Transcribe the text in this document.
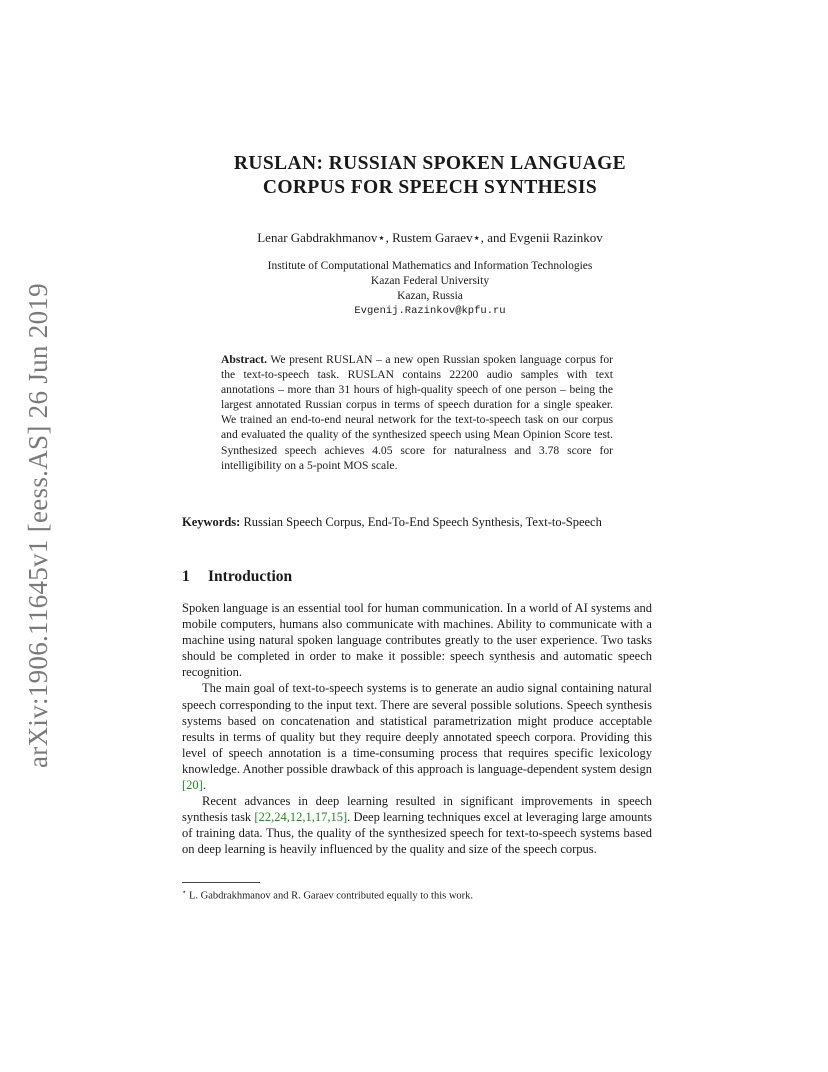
arXiv:1906.11645v1 [eess.AS] 26 Jun 2019
RUSLAN: RUSSIAN SPOKEN LANGUAGE
CORPUS FOR SPEECH SYNTHESIS
Lenar Gabdrakhmanov⋆, Rustem Garaev⋆, and Evgenii Razinkov
Institute of Computational Mathematics and Information Technologies
Kazan Federal University
Kazan, Russia
Evgenij.Razinkov@kpfu.ru
Abstract. We present RUSLAN – a new open Russian spoken language corpus for the text-to-speech task. RUSLAN contains 22200 audio samples with text annotations – more than 31 hours of high-quality speech of one person – being the largest annotated Russian corpus in terms of speech duration for a single speaker. We trained an end-to-end neural network for the text-to-speech task on our corpus and evaluated the quality of the synthesized speech using Mean Opinion Score test. Synthesized speech achieves 4.05 score for naturalness and 3.78 score for intelligibility on a 5-point MOS scale.
Keywords: Russian Speech Corpus, End-To-End Speech Synthesis, Text-to-Speech
1 Introduction

Spoken language is an essential tool for human communication. In a world of AI systems and mobile computers, humans also communicate with machines. Ability to communicate with a machine using natural spoken language contributes greatly to the user experience. Two tasks should be completed in order to make it possible: speech synthesis and automatic speech recognition.

The main goal of text-to-speech systems is to generate an audio signal containing natural speech corresponding to the input text. There are several possible solutions. Speech synthesis systems based on concatenation and statistical parametrization might produce acceptable results in terms of quality but they require deeply annotated speech corpora. Providing this level of speech annotation is a time-consuming process that requires specific lexicology knowledge. Another possible drawback of this approach is language-dependent system design [20].

Recent advances in deep learning resulted in significant improvements in speech synthesis task [22,24,12,1,17,15]. Deep learning techniques excel at leveraging large amounts of training data. Thus, the quality of the synthesized speech for text-to-speech systems based on deep learning is heavily influenced by the quality and size of the speech corpus.

⋆ L. Gabdrakhmanov and R. Garaev contributed equally to this work.
